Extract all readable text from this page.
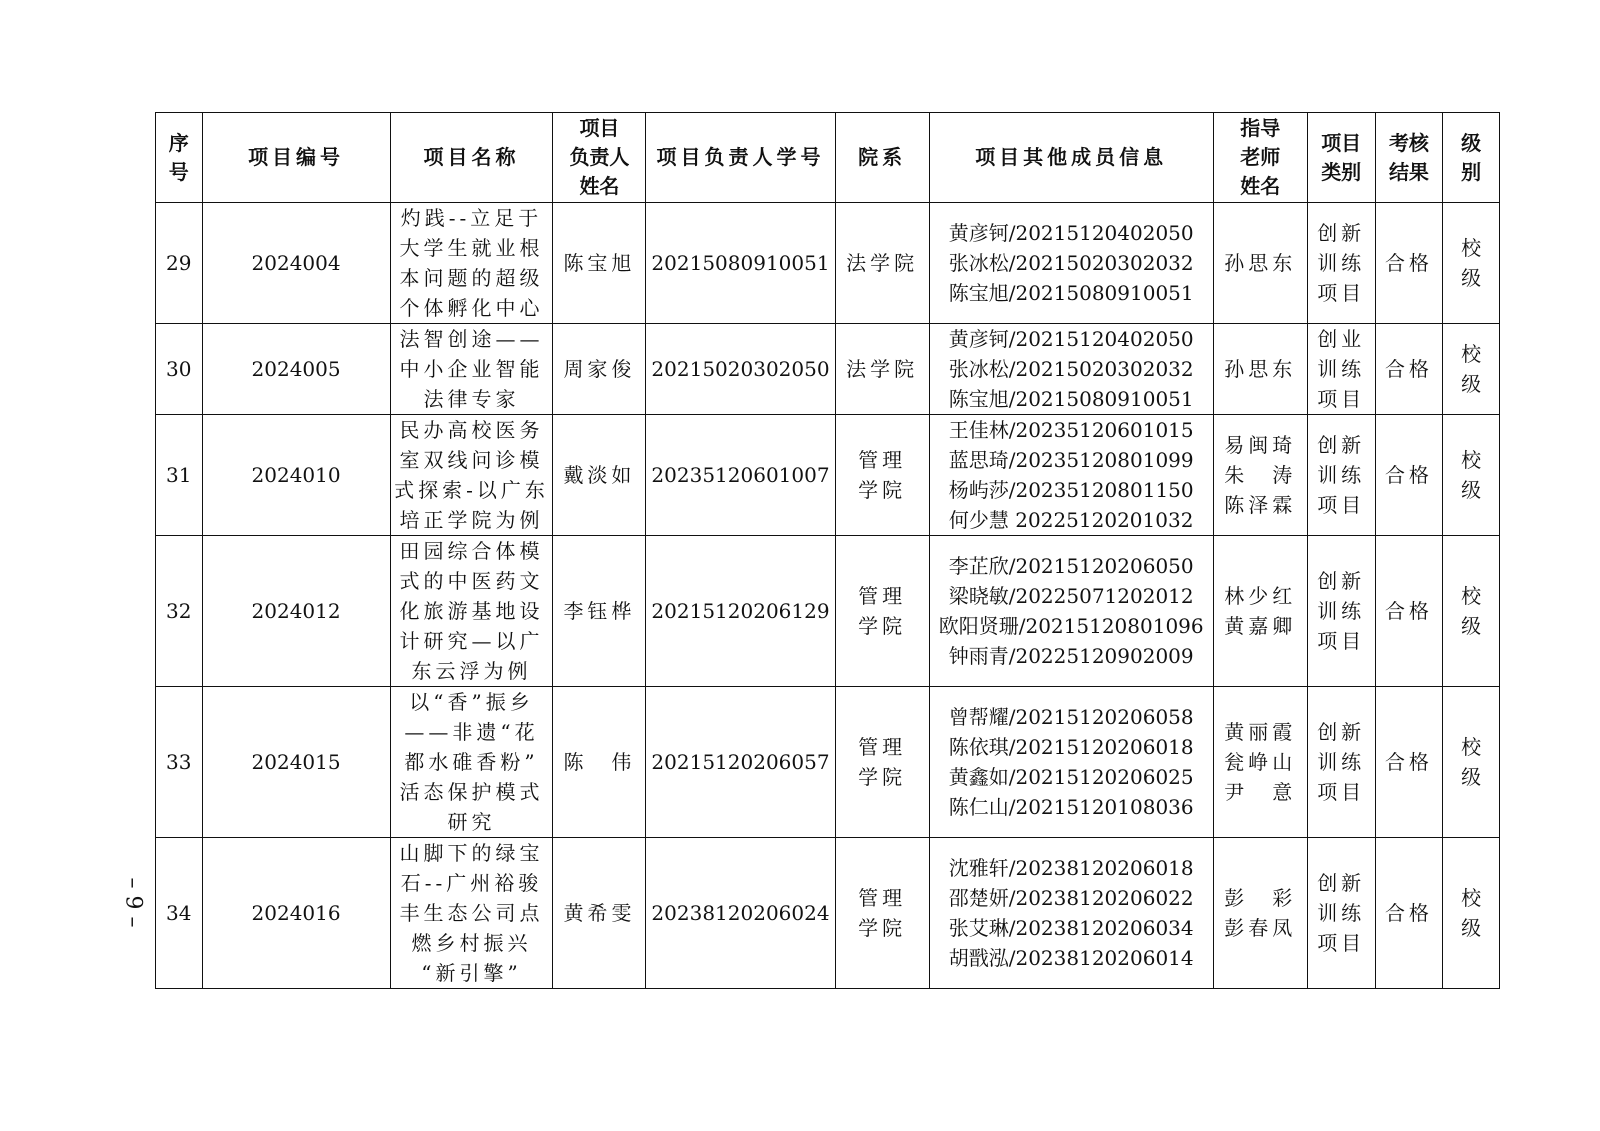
序
号	项目编号	项目名称	项目
负责人
姓名	项目负责人学号	院系	项目其他成员信息	指导
老师
姓名	项目
类别	考核
结果	级
别
29	2024004	灼践--立足于
大学生就业根
本问题的超级
个体孵化中心	陈宝旭	20215080910051	法学院	黄彦钶/20215120402050
张冰松/20215020302032
陈宝旭/20215080910051	孙思东	创新
训练
项目	合格	校
级
30	2024005	法智创途——
中小企业智能
法律专家	周家俊	20215020302050	法学院	黄彦钶/20215120402050
张冰松/20215020302032
陈宝旭/20215080910051	孙思东	创业
训练
项目	合格	校
级
31	2024010	民办高校医务
室双线问诊模
式探索-以广东
培正学院为例	戴淡如	20235120601007	管理
学院	王佳林/20235120601015
蓝思琦/20235120801099
杨屿莎/20235120801150
何少慧 20225120201032	易闽琦
朱　涛
陈泽霖	创新
训练
项目	合格	校
级
32	2024012	田园综合体模
式的中医药文
化旅游基地设
计研究—以广
东云浮为例	李钰桦	20215120206129	管理
学院	李芷欣/20215120206050
梁晓敏/20225071202012
欧阳贤珊/20215120801096
钟雨青/20225120902009	林少红
黄嘉卿	创新
训练
项目	合格	校
级
33	2024015	以“香”振乡
——非遗“花
都水碓香粉”
活态保护模式
研究	陈　伟	20215120206057	管理
学院	曾帮耀/20215120206058
陈依琪/20215120206018
黄鑫如/20215120206025
陈仁山/20215120108036	黄丽霞
瓮峥山
尹　意	创新
训练
项目	合格	校
级
34	2024016	山脚下的绿宝
石--广州裕骏
丰生态公司点
燃乡村振兴
“新引擎”	黄希雯	20238120206024	管理
学院	沈雅轩/20238120206018
邵楚妍/20238120206022
张艾琳/20238120206034
胡戬泓/20238120206014	彭　彩
彭春凤	创新
训练
项目	合格	校
级
– 9 –
